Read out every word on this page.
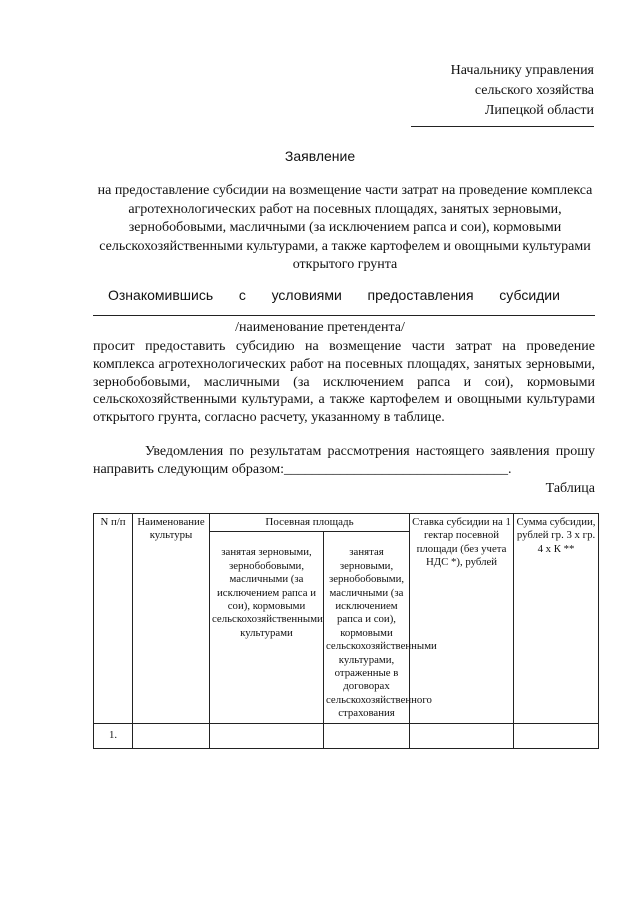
Начальнику управления
сельского хозяйства
Липецкой области
Заявление
на предоставление субсидии на возмещение части затрат на проведение комплекса агротехнологических работ на посевных площадях, занятых зерновыми, зернобобовыми, масличными (за исключением рапса и сои), кормовыми сельскохозяйственными культурами, а также картофелем и овощными культурами открытого грунта
Ознакомившись с условиями предоставления субсидии
/наименование претендента/
просит предоставить субсидию на возмещение части затрат на проведение комплекса агротехнологических работ на посевных площадях, занятых зерновыми, зернобобовыми, масличными (за исключением рапса и сои), кормовыми сельскохозяйственными культурами, а также картофелем и овощными культурами открытого грунта, согласно расчету, указанному в таблице.
Уведомления по результатам рассмотрения настоящего заявления прошу направить следующим образом:________________________________.
Таблица
N п/п	Наименование культуры	Посевная площадь		Ставка субсидии на 1 гектар посевной площади (без учета НДС *), рублей	Сумма субсидии, рублей гр. 3 x гр. 4 x К **
		занятая зерновыми, зернобобовыми, масличными (за исключением рапса и сои), кормовыми сельскохозяйственными культурами	занятая зерновыми, зернобобовыми, масличными (за исключением рапса и сои), кормовыми сельскохозяйственными культурами, отраженные в договорах сельскохозяйственного страхования		
1.					
